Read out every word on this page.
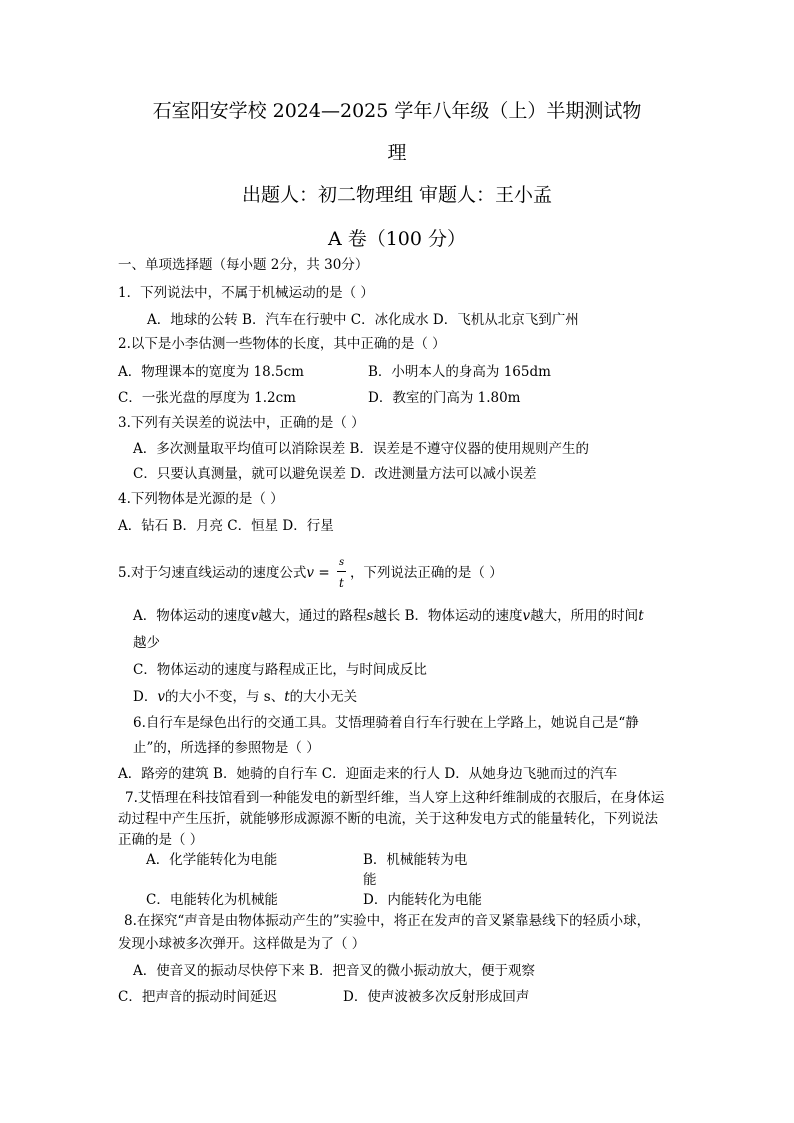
石室阳安学校 2024—2025 学年八年级（上）半期测试物
理
出题人：初二物理组 审题人：王小孟
A 卷（100 分）
一、单项选择题（每小题 2分，共 30分）
1．下列说法中，不属于机械运动的是（ ）
A．地球的公转 B．汽车在行驶中 C．冰化成水 D．飞机从北京飞到广州
2.以下是小李估测一些物体的长度，其中正确的是（ ）
A．物理课本的宽度为 18.5cm	B．小明本人的身高为 165dm
C．一张光盘的厚度为 1.2cm	D．教室的门高为 1.80m
3.下列有关误差的说法中，正确的是（ ）
A．多次测量取平均值可以消除误差 B．误差是不遵守仪器的使用规则产生的
C．只要认真测量，就可以避免误差 D．改进测量方法可以减小误差
4.下列物体是光源的是（ ）
A．钻石 B．月亮 C．恒星 D．行星
5.对于匀速直线运动的速度公式$v = \frac{s}{t}$ ，下列说法正确的是（ ）
A．物体运动的速度v越大，通过的路程s越长 B．物体运动的速度v越大，所用的时间t
越少
C．物体运动的速度与路程成正比，与时间成反比
D．v的大小不变，与 s、t的大小无关
6.自行车是绿色出行的交通工具。艾悟理骑着自行车行驶在上学路上，她说自己是“静
止”的，所选择的参照物是（ ）
A．路旁的建筑 B．她骑的自行车 C．迎面走来的行人 D．从她身边飞驰而过的汽车
7.艾悟理在科技馆看到一种能发电的新型纤维，当人穿上这种纤维制成的衣服后，在身体运
动过程中产生压折，就能够形成源源不断的电流，关于这种发电方式的能量转化，下列说法
正确的是（ ）
A．化学能转化为电能	B．机械能转为电
能
C．电能转化为机械能	D．内能转化为电能
8.在探究“声音是由物体振动产生的”实验中，将正在发声的音叉紧靠悬线下的轻质小球，
发现小球被多次弹开。这样做是为了（ ）
A．使音叉的振动尽快停下来 B．把音叉的微小振动放大，便于观察
C．把声音的振动时间延迟	D．使声波被多次反射形成回声
